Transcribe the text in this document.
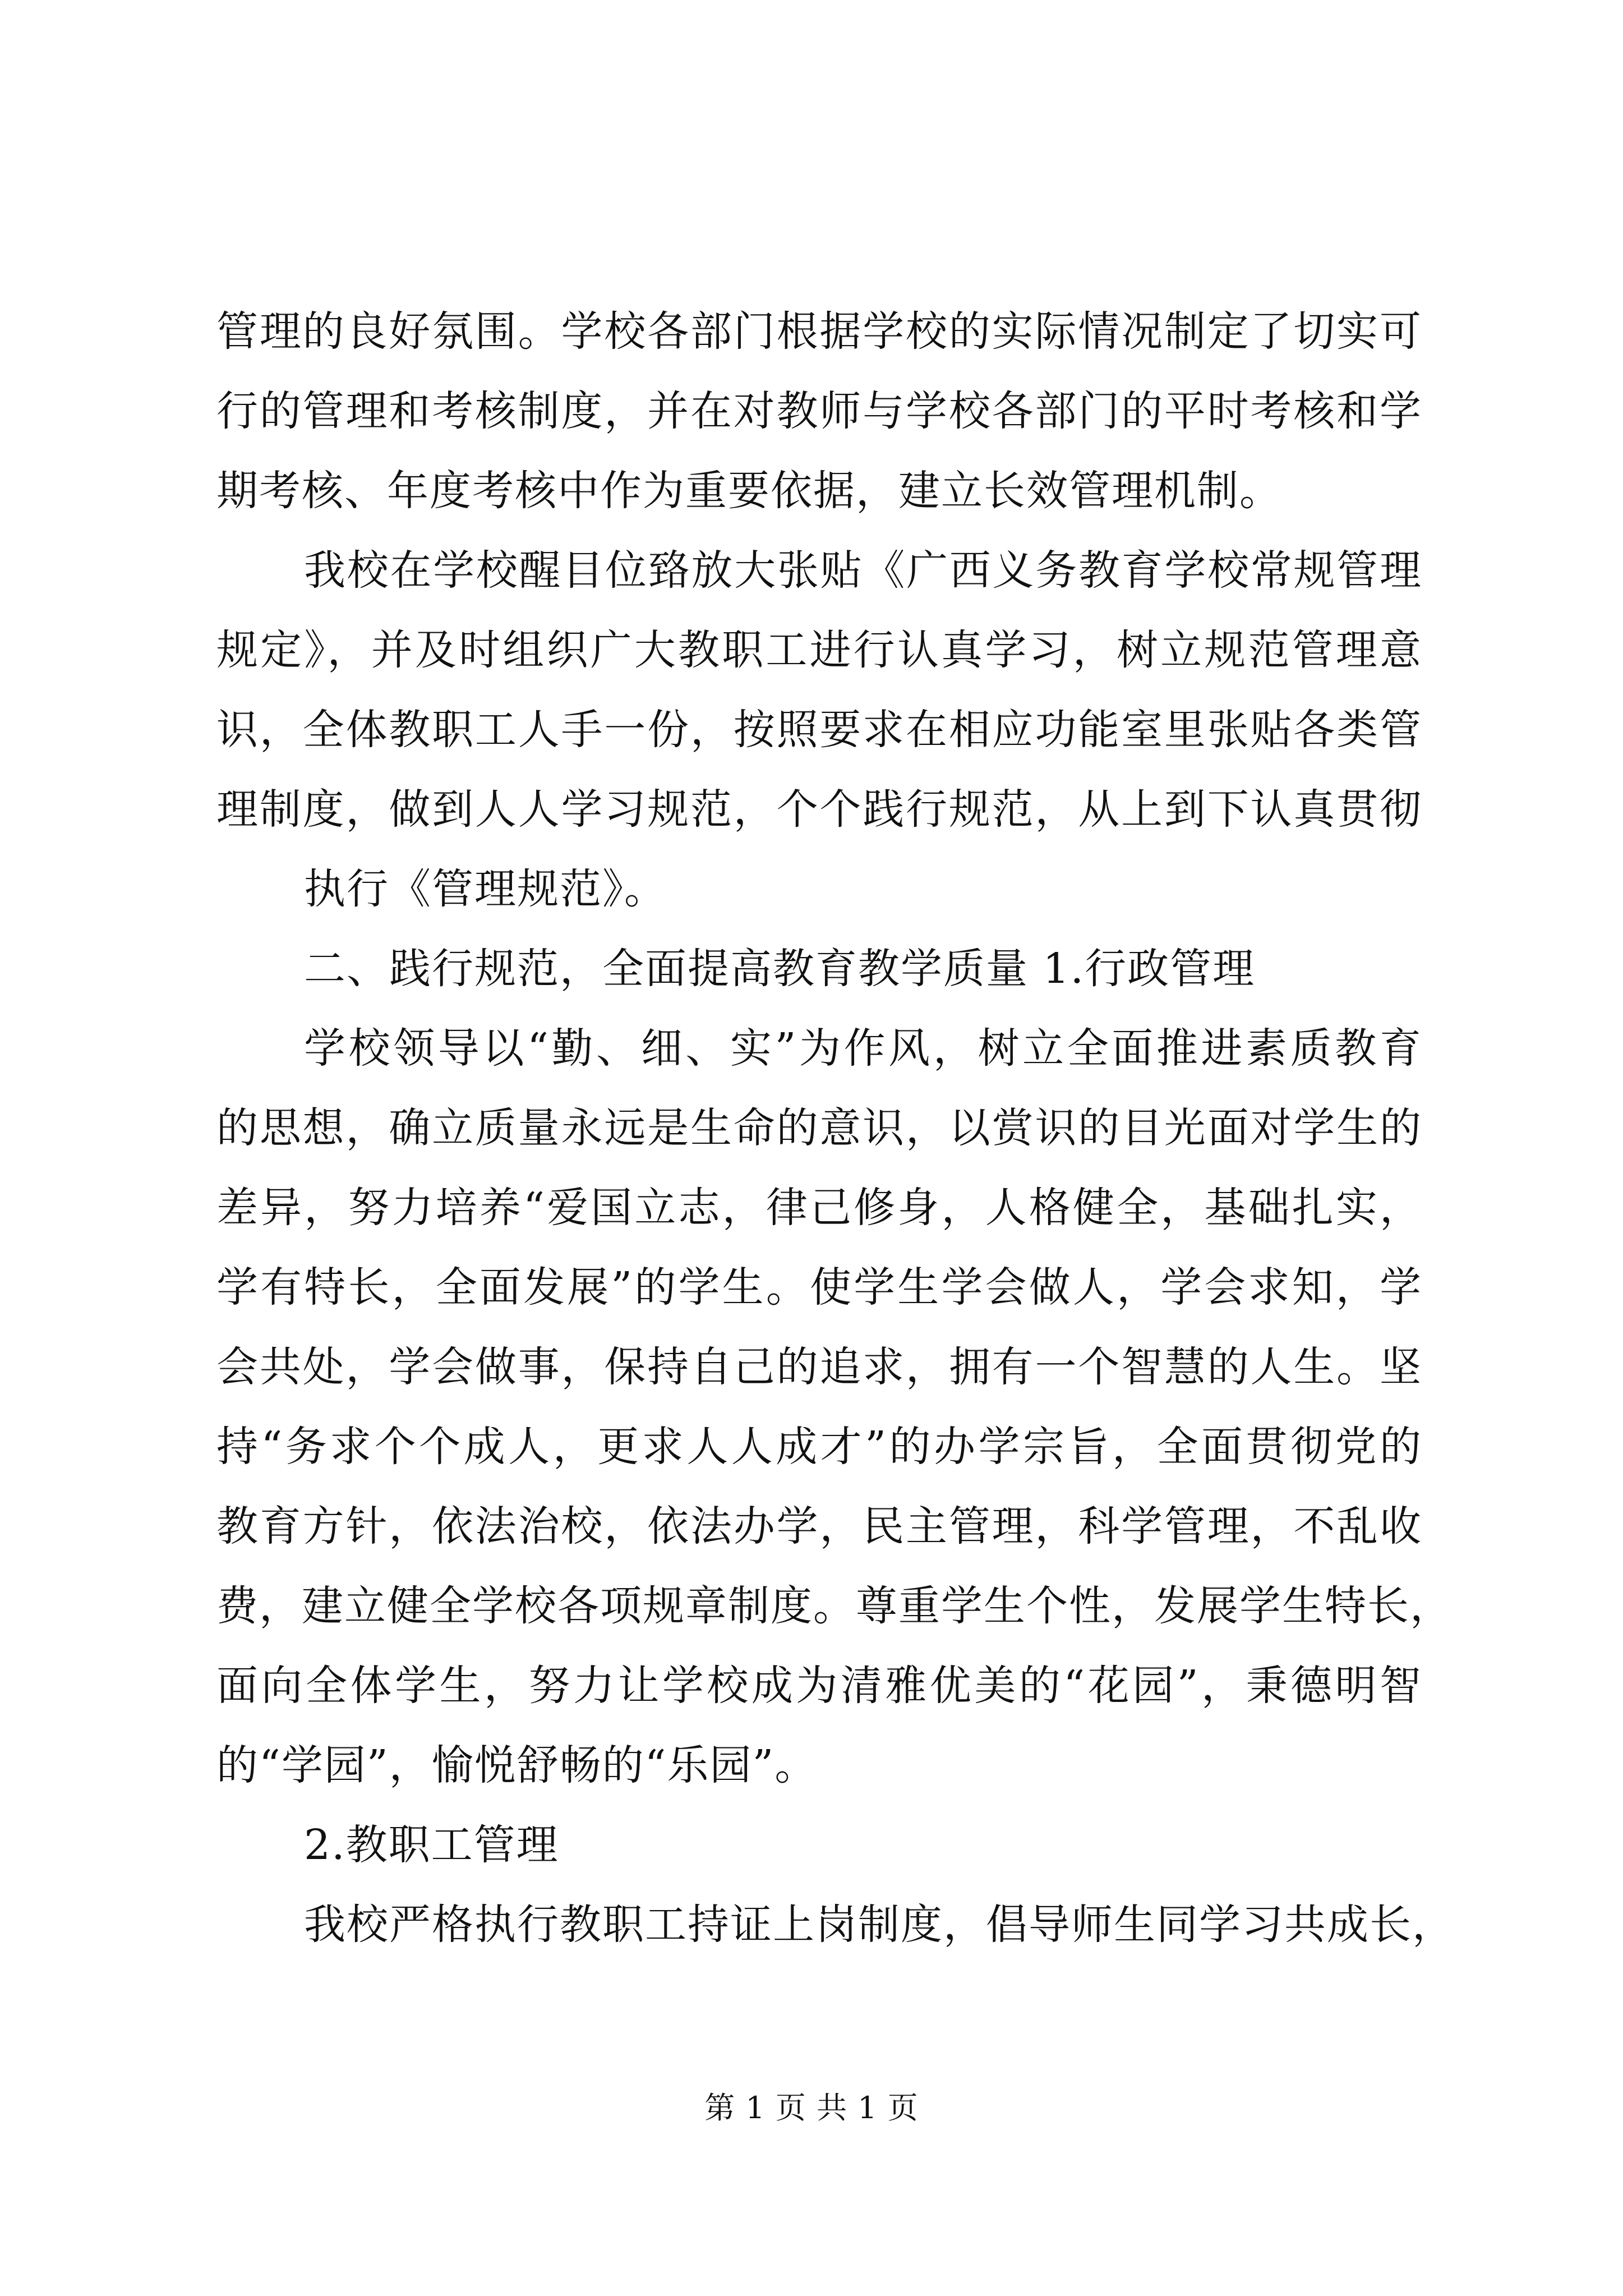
管理的良好氛围。学校各部门根据学校的实际情况制定了切实可
行的管理和考核制度，并在对教师与学校各部门的平时考核和学
期考核、年度考核中作为重要依据，建立长效管理机制。
我校在学校醒目位臵放大张贴《广西义务教育学校常规管理
规定》，并及时组织广大教职工进行认真学习，树立规范管理意
识，全体教职工人手一份，按照要求在相应功能室里张贴各类管
理制度，做到人人学习规范，个个践行规范，从上到下认真贯彻
执行《管理规范》。
二、践行规范，全面提高教育教学质量 1.行政管理
学校领导以“勤、细、实”为作风，树立全面推进素质教育
的思想，确立质量永远是生命的意识，以赏识的目光面对学生的
差异，努力培养“爱国立志，律己修身，人格健全，基础扎实，
学有特长，全面发展”的学生。使学生学会做人，学会求知，学
会共处，学会做事，保持自己的追求，拥有一个智慧的人生。坚
持“务求个个成人，更求人人成才”的办学宗旨，全面贯彻党的
教育方针，依法治校，依法办学，民主管理，科学管理，不乱收
费，建立健全学校各项规章制度。尊重学生个性，发展学生特长，
面向全体学生，努力让学校成为清雅优美的“花园”，秉德明智
的“学园”，愉悦舒畅的“乐园”。
2.教职工管理
我校严格执行教职工持证上岗制度，倡导师生同学习共成长，
第 1 页 共 1 页
